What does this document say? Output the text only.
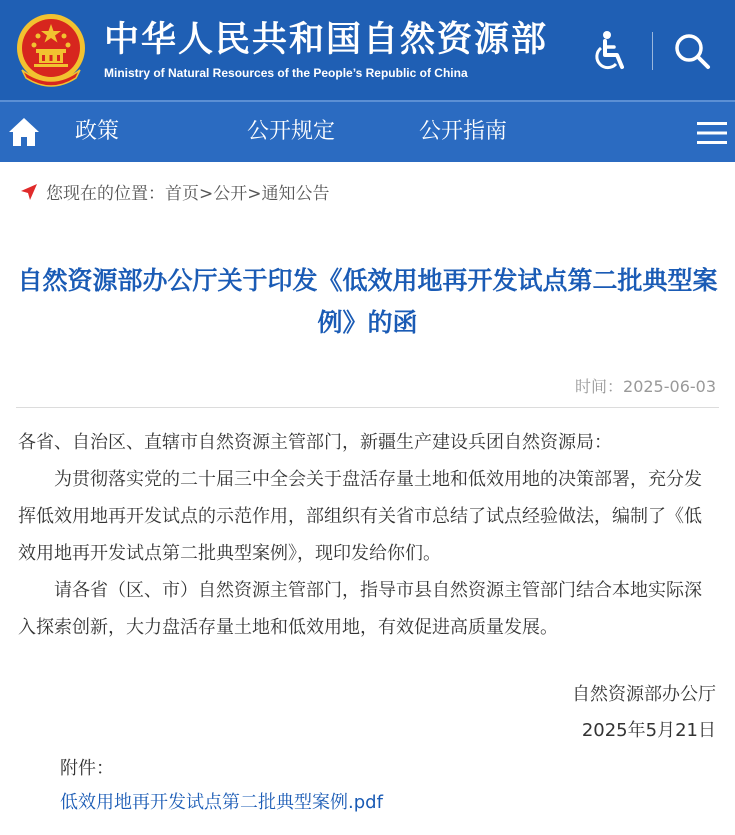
中华人民共和国自然资源部
Ministry of Natural Resources of the People’s Republic of China
政策	公开规定	公开指南
您现在的位置：首页>公开>通知公告
自然资源部办公厅关于印发《低效用地再开发试点第二批典型案例》的函
时间：2025-06-03

各省、自治区、直辖市自然资源主管部门，新疆生产建设兵团自然资源局：

为贯彻落实党的二十届三中全会关于盘活存量土地和低效用地的决策部署，充分发挥低效用地再开发试点的示范作用，部组织有关省市总结了试点经验做法，编制了《低效用地再开发试点第二批典型案例》，现印发给你们。

请各省（区、市）自然资源主管部门，指导市县自然资源主管部门结合本地实际深入探索创新，大力盘活存量土地和低效用地，有效促进高质量发展。

自然资源部办公厅
2025年5月21日
附件：
低效用地再开发试点第二批典型案例.pdf
